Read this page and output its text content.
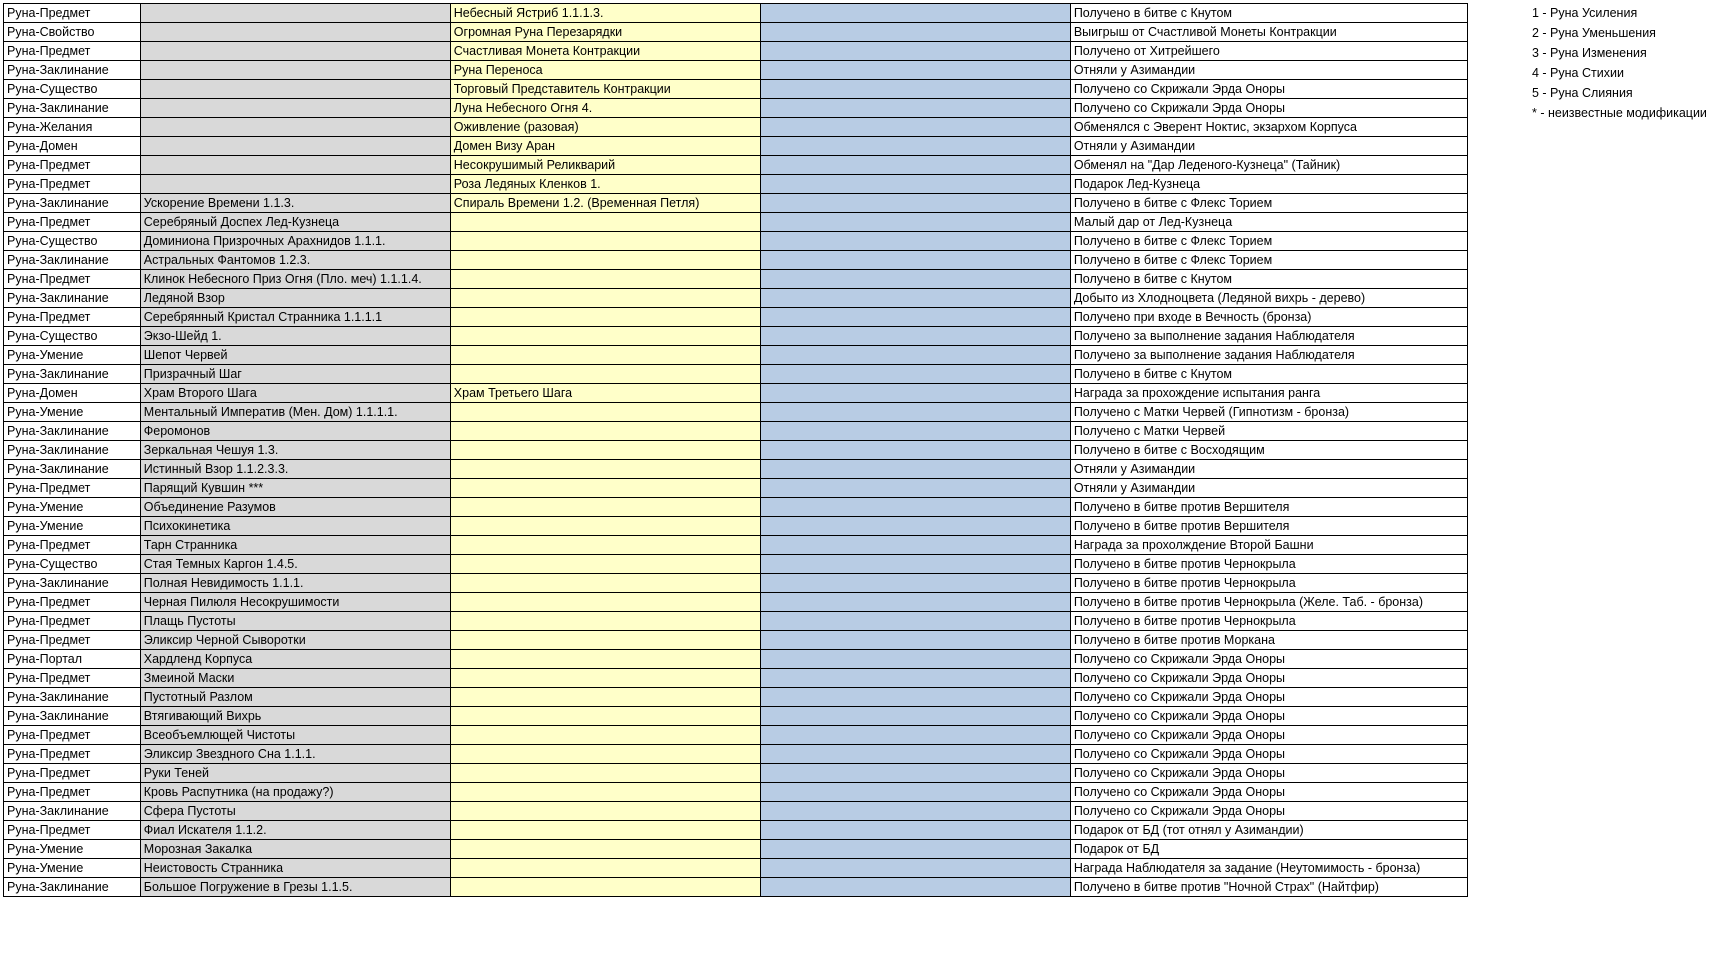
Руна-Предмет		Небесный Ястриб 1.1.1.3.		Получено в битве с Кнутом
Руна-Свойство		Огромная Руна Перезарядки		Выигрыш от Счастливой Монеты Контракции
Руна-Предмет		Счастливая Монета Контракции		Получено от Хитрейшего
Руна-Заклинание		Руна Переноса		Отняли у Азимандии
Руна-Существо		Торговый Представитель Контракции		Получено со Скрижали Эрда Оноры
Руна-Заклинание		Луна Небесного Огня 4.		Получено со Скрижали Эрда Оноры
Руна-Желания		Оживление (разовая)		Обменялся с Эверент Ноктис, экзархом Корпуса
Руна-Домен		Домен Визу Аран		Отняли у Азимандии
Руна-Предмет		Несокрушимый Реликварий		Обменял на "Дар Леденого-Кузнеца" (Тайник)
Руна-Предмет		Роза Ледяных Кленков 1.		Подарок Лед-Кузнеца
Руна-Заклинание	Ускорение Времени 1.1.3.	Спираль Времени 1.2. (Временная Петля)		Получено в битве с Флекс Торием
Руна-Предмет	Серебряный Доспех Лед-Кузнеца			Малый дар от Лед-Кузнеца
Руна-Существо	Доминиона Призрочных Арахнидов 1.1.1.			Получено в битве с Флекс Торием
Руна-Заклинание	Астральных Фантомов 1.2.3.			Получено в битве с Флекс Торием
Руна-Предмет	Клинок Небесного Приз Огня (Пло. меч) 1.1.1.4.			Получено в битве с Кнутом
Руна-Заклинание	Ледяной Взор			Добыто из Хлодноцвета (Ледяной вихрь - дерево)
Руна-Предмет	Серебрянный Кристал Странника 1.1.1.1			Получено при входе в Вечность (бронза)
Руна-Существо	Экзо-Шейд 1.			Получено за выполнение задания Наблюдателя
Руна-Умение	Шепот Червей			Получено за выполнение задания Наблюдателя
Руна-Заклинание	Призрачный Шаг			Получено в битве с Кнутом
Руна-Домен	Храм Второго Шага	Храм Третьего Шага		Награда за прохождение испытания ранга
Руна-Умение	Ментальный Императив (Мен. Дом) 1.1.1.1.			Получено с Матки Червей (Гипнотизм - бронза)
Руна-Заклинание	Феромонов			Получено с Матки Червей
Руна-Заклинание	Зеркальная Чешуя 1.3.			Получено в битве с Восходящим
Руна-Заклинание	Истинный Взор 1.1.2.3.3.			Отняли у Азимандии
Руна-Предмет	Парящий Кувшин ***			Отняли у Азимандии
Руна-Умение	Объединение Разумов			Получено в битве против Вершителя
Руна-Умение	Психокинетика			Получено в битве против Вершителя
Руна-Предмет	Тарн Странника			Награда за прохолждение Второй Башни
Руна-Существо	Стая Темных Каргон 1.4.5.			Получено в битве против Чернокрыла
Руна-Заклинание	Полная Невидимость 1.1.1.			Получено в битве против Чернокрыла
Руна-Предмет	Черная Пилюля Несокрушимости			Получено в битве против Чернокрыла (Желе. Таб. - бронза)
Руна-Предмет	Плащь Пустоты			Получено в битве против Чернокрыла
Руна-Предмет	Эликсир Черной Сыворотки			Получено в битве против Моркана
Руна-Портал	Хардленд Корпуса			Получено со Скрижали Эрда Оноры
Руна-Предмет	Змеиной Маски			Получено со Скрижали Эрда Оноры
Руна-Заклинание	Пустотный Разлом			Получено со Скрижали Эрда Оноры
Руна-Заклинание	Втягивающий Вихрь			Получено со Скрижали Эрда Оноры
Руна-Предмет	Всеобъемлющей Чистоты			Получено со Скрижали Эрда Оноры
Руна-Предмет	Эликсир Звездного Сна 1.1.1.			Получено со Скрижали Эрда Оноры
Руна-Предмет	Руки Теней			Получено со Скрижали Эрда Оноры
Руна-Предмет	Кровь Распутника (на продажу?)			Получено со Скрижали Эрда Оноры
Руна-Заклинание	Сфера Пустоты			Получено со Скрижали Эрда Оноры
Руна-Предмет	Фиал Искателя 1.1.2.			Подарок от БД (тот отнял у Азимандии)
Руна-Умение	Морозная Закалка			Подарок от БД
Руна-Умение	Неистовость Странника			Награда Наблюдателя за задание (Неутомимость - бронза)
Руна-Заклинание	Большое Погружение в Грезы 1.1.5.			Получено в битве против "Ночной Страх" (Найтфир)
1 - Руна Усиления
2 - Руна Уменьшения
3 - Руна Изменения
4 - Руна Стихии
5 - Руна Слияния
* - неизвестные модификации
